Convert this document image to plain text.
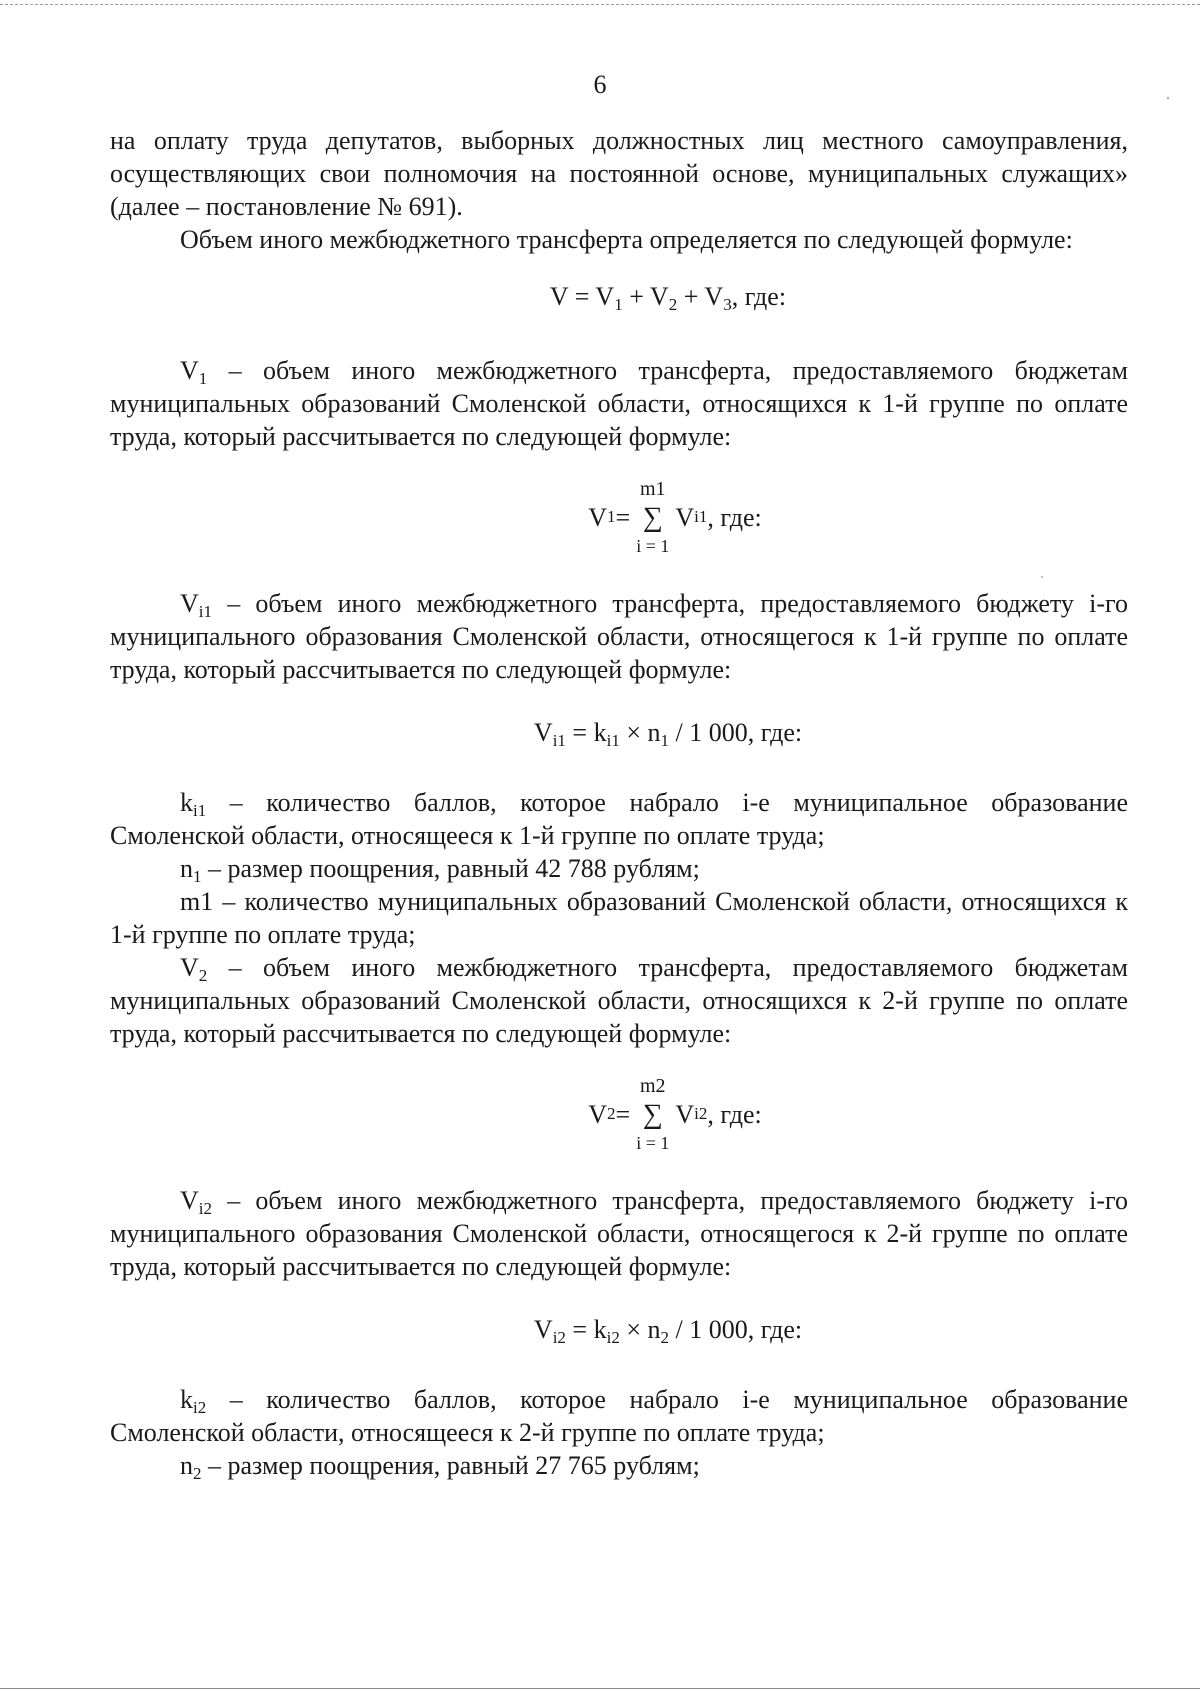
6

на оплату труда депутатов, выборных должностных лиц местного самоуправления, осуществляющих свои полномочия на постоянной основе, муниципальных служащих» (далее – постановление № 691).

Объем иного межбюджетного трансферта определяется по следующей формуле:

$V = V_1 + V_2 + V_3$, где:

$V_1$ – объем иного межбюджетного трансферта, предоставляемого бюджетам муниципальных образований Смоленской области, относящихся к 1-й группе по оплате труда, который рассчитывается по следующей формуле:

V 1 =
m1
∑
i = 1
V i1 , где:

$V_{i1}$ – объем иного межбюджетного трансферта, предоставляемого бюджету i-го муниципального образования Смоленской области, относящегося к 1-й группе по оплате труда, который рассчитывается по следующей формуле:

$V_{i1} = k_{i1} \times n_1 / 1$ 000, где:

$k_{i1}$ – количество баллов, которое набрало i-е муниципальное образование Смоленской области, относящееся к 1-й группе по оплате труда;

$n_1$ – размер поощрения, равный 42 788 рублям;

m1 – количество муниципальных образований Смоленской области, относящихся к 1-й группе по оплате труда;

$V_2$ – объем иного межбюджетного трансферта, предоставляемого бюджетам муниципальных образований Смоленской области, относящихся к 2-й группе по оплате труда, который рассчитывается по следующей формуле:

V 2 =
m2
∑
i = 1
V i2 , где:

$V_{i2}$ – объем иного межбюджетного трансферта, предоставляемого бюджету i-го муниципального образования Смоленской области, относящегося к 2-й группе по оплате труда, который рассчитывается по следующей формуле:

$V_{i2} = k_{i2} \times n_2 / 1$ 000, где:

$k_{i2}$ – количество баллов, которое набрало i-е муниципальное образование Смоленской области, относящееся к 2-й группе по оплате труда;

$n_2$ – размер поощрения, равный 27 765 рублям;
